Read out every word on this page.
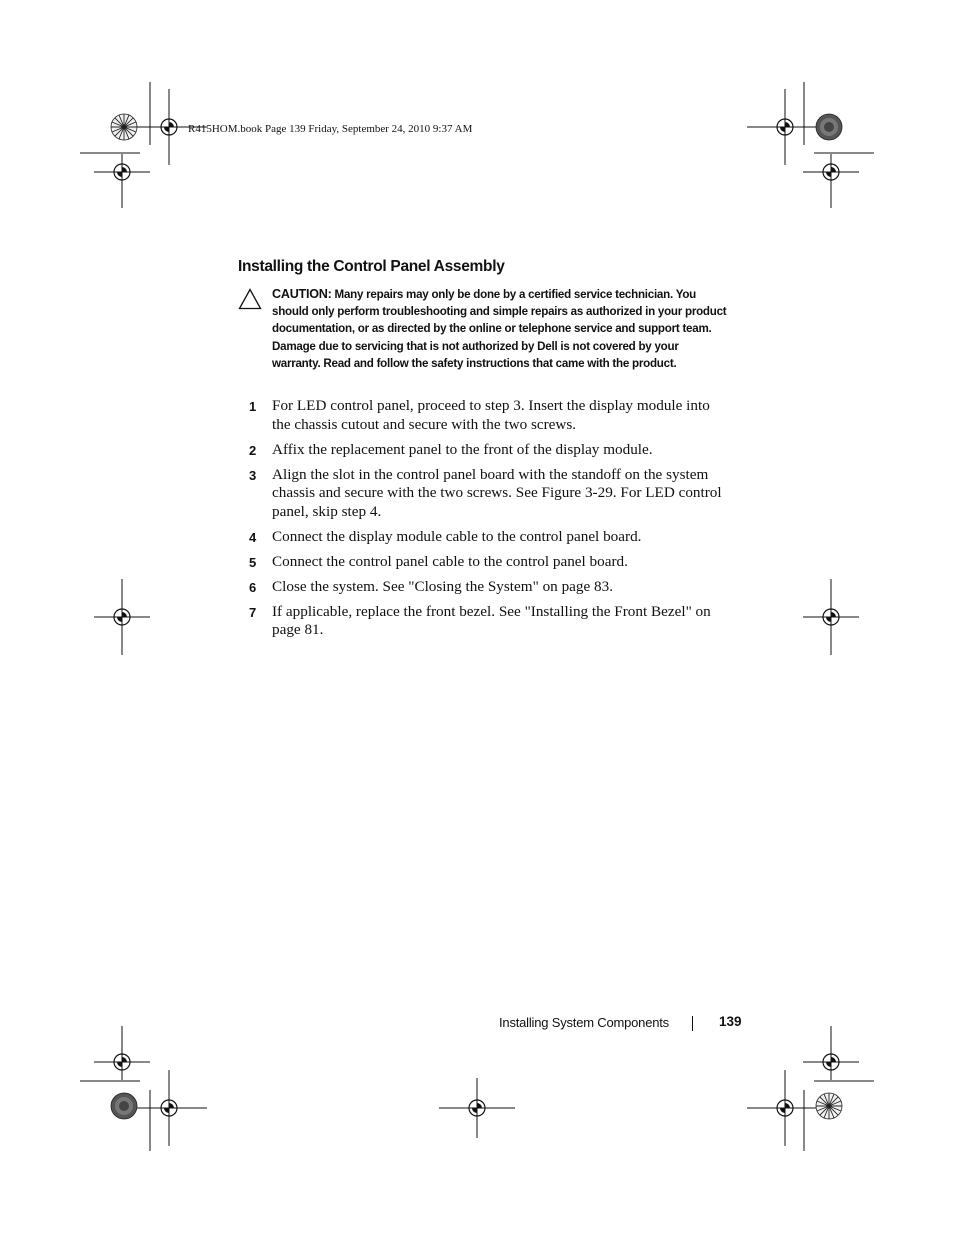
R415HOM.book Page 139 Friday, September 24, 2010 9:37 AM
Installing the Control Panel Assembly
CAUTION: Many repairs may only be done by a certified service technician. You should only perform troubleshooting and simple repairs as authorized in your product documentation, or as directed by the online or telephone service and support team. Damage due to servicing that is not authorized by Dell is not covered by your warranty. Read and follow the safety instructions that came with the product.
1 For LED control panel, proceed to step 3. Insert the display module into the chassis cutout and secure with the two screws.
2 Affix the replacement panel to the front of the display module.
3 Align the slot in the control panel board with the standoff on the system chassis and secure with the two screws. See Figure 3-29. For LED control panel, skip step 4.
4 Connect the display module cable to the control panel board.
5 Connect the control panel cable to the control panel board.
6 Close the system. See "Closing the System" on page 83.
7 If applicable, replace the front bezel. See "Installing the Front Bezel" on page 81.
Installing System Components	139
